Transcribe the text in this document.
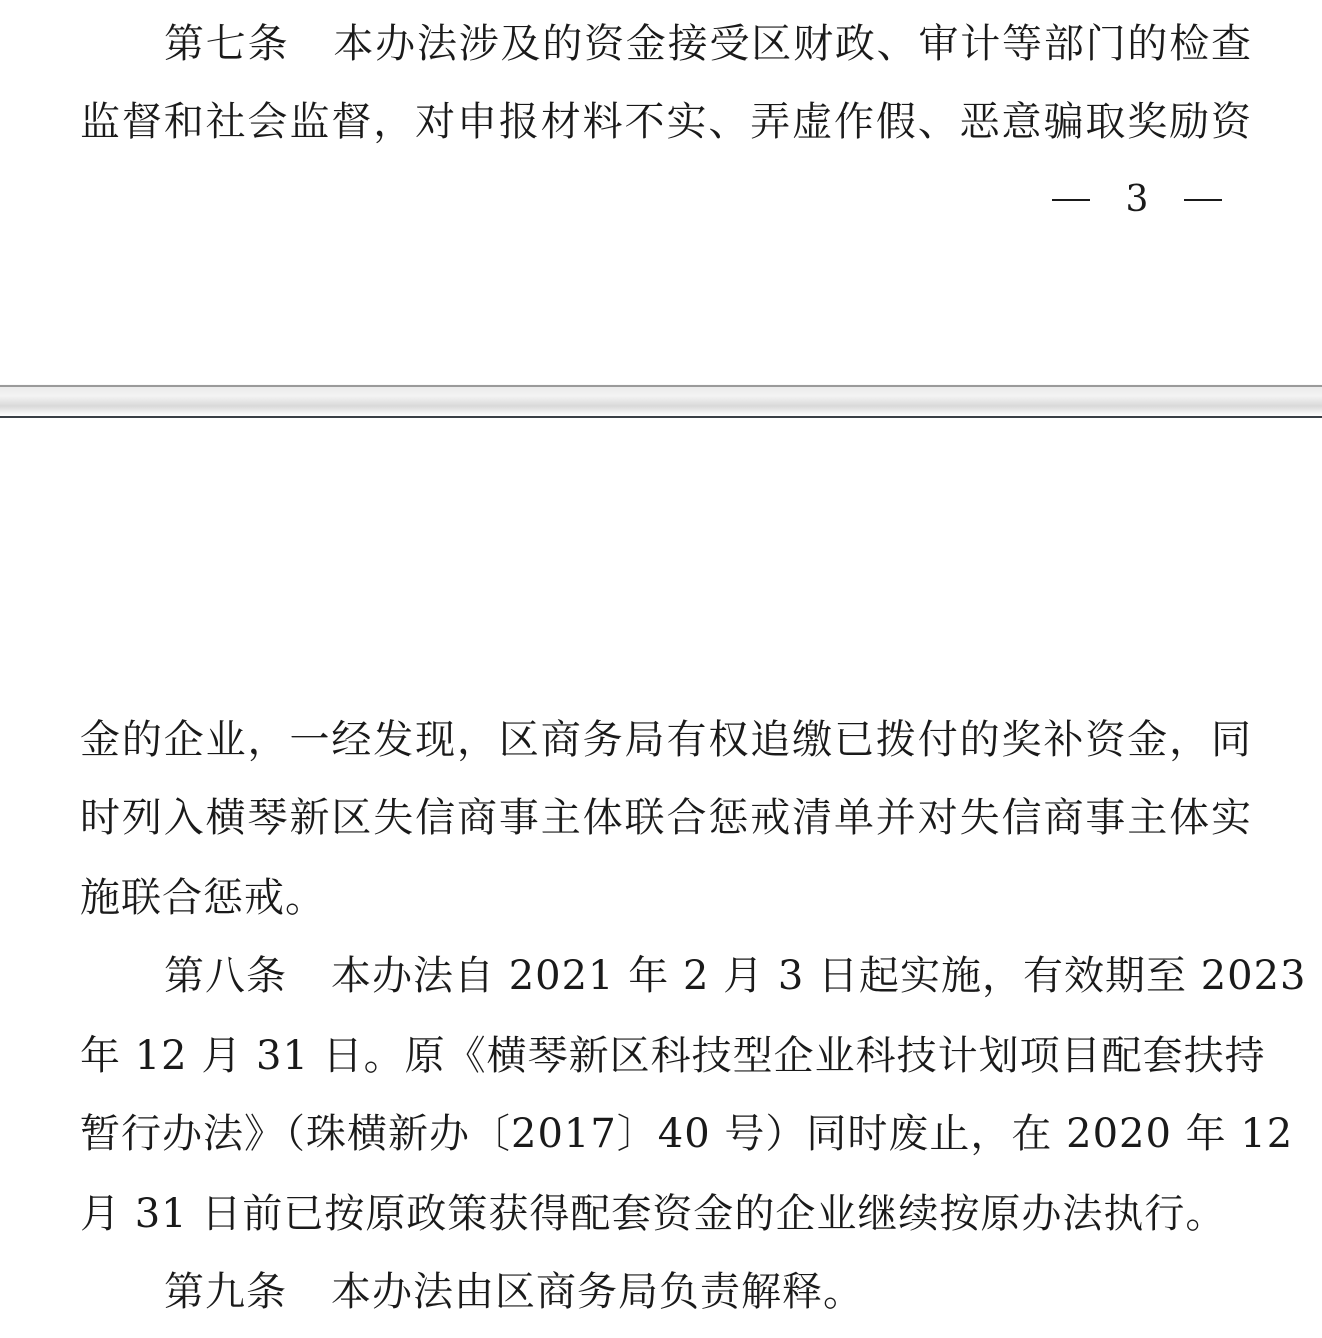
第七条 本办法涉及的资金接受区财政、审计等部门的检查
监督和社会监督，对申报材料不实、弄虚作假、恶意骗取奖励资
3
金的企业，一经发现，区商务局有权追缴已拨付的奖补资金，同
时列入横琴新区失信商事主体联合惩戒清单并对失信商事主体实
施联合惩戒。
第八条 本办法自 2021 年 2 月 3 日起实施，有效期至 2023
年 12 月 31 日。原《横琴新区科技型企业科技计划项目配套扶持
暂行办法》（珠横新办〔2017〕40 号）同时废止，在 2020 年 12
月 31 日前已按原政策获得配套资金的企业继续按原办法执行。
第九条 本办法由区商务局负责解释。
